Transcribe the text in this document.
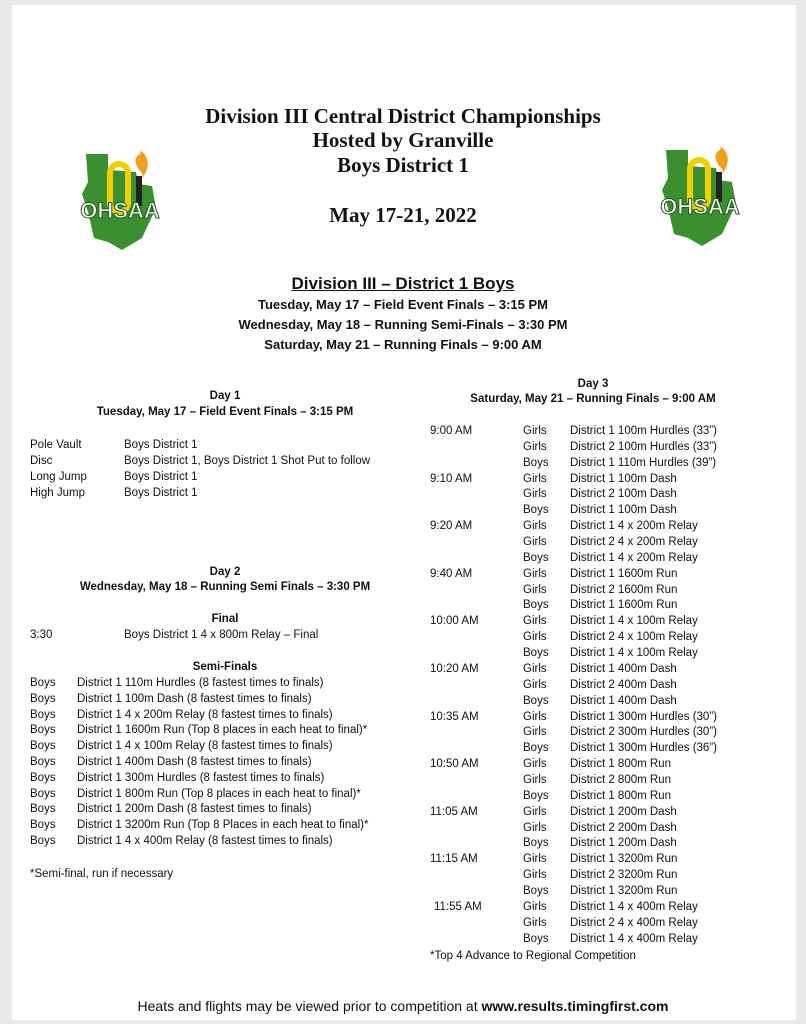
OHSAA	OHSAA
Division III Central District Championships
Hosted by Granville
Boys District 1
May 17-21, 2022
Division III – District 1 Boys
Tuesday, May 17 – Field Event Finals – 3:15 PM
Wednesday, May 18 – Running Semi-Finals – 3:30 PM
Saturday, May 21 – Running Finals – 9:00 AM
Day 1
Tuesday, May 17 – Field Event Finals – 3:15 PM
Pole Vault	Boys District 1
Disc	Boys District 1, Boys District 1 Shot Put to follow
Long Jump	Boys District 1
High Jump	Boys District 1
Day 2
Wednesday, May 18 – Running Semi Finals – 3:30 PM
Final
3:30	Boys District 1 4 x 800m Relay – Final
Semi-Finals
Boys District 1 110m Hurdles (8 fastest times to finals)
Boys District 1 100m Dash (8 fastest times to finals)
Boys District 1 4 x 200m Relay (8 fastest times to finals)
Boys District 1 1600m Run (Top 8 places in each heat to final)*
Boys District 1 4 x 100m Relay (8 fastest times to finals)
Boys District 1 400m Dash (8 fastest times to finals)
Boys District 1 300m Hurdles (8 fastest times to finals)
Boys District 1 800m Run (Top 8 places in each heat to final)*
Boys District 1 200m Dash (8 fastest times to finals)
Boys District 1 3200m Run (Top 8 Places in each heat to final)*
Boys District 1 4 x 400m Relay (8 fastest times to finals)
*Semi-final, run if necessary
Day 3
Saturday, May 21 – Running Finals – 9:00 AM
9:00 AM	Girls District 1 100m Hurdles (33”)
Girls District 2 100m Hurdles (33”)
Boys District 1 110m Hurdles (39”)
9:10 AM	Girls District 1 100m Dash
Girls District 2 100m Dash
Boys District 1 100m Dash
9:20 AM	Girls District 1 4 x 200m Relay
Girls District 2 4 x 200m Relay
Boys District 1 4 x 200m Relay
9:40 AM	Girls District 1 1600m Run
Girls District 2 1600m Run
Boys District 1 1600m Run
10:00 AM	Girls District 1 4 x 100m Relay
Girls District 2 4 x 100m Relay
Boys District 1 4 x 100m Relay
10:20 AM	Girls District 1 400m Dash
Girls District 2 400m Dash
Boys District 1 400m Dash
10:35 AM	Girls District 1 300m Hurdles (30”)
Girls District 2 300m Hurdles (30”)
Boys District 1 300m Hurdles (36”)
10:50 AM	Girls District 1 800m Run
Girls District 2 800m Run
Boys District 1 800m Run
11:05 AM	Girls District 1 200m Dash
Girls District 2 200m Dash
Boys District 1 200m Dash
11:15 AM	Girls District 1 3200m Run
Girls District 2 3200m Run
Boys District 1 3200m Run
11:55 AM	Girls District 1 4 x 400m Relay
Girls District 2 4 x 400m Relay
Boys District 1 4 x 400m Relay
*Top 4 Advance to Regional Competition
Heats and flights may be viewed prior to competition at www.results.timingfirst.com
